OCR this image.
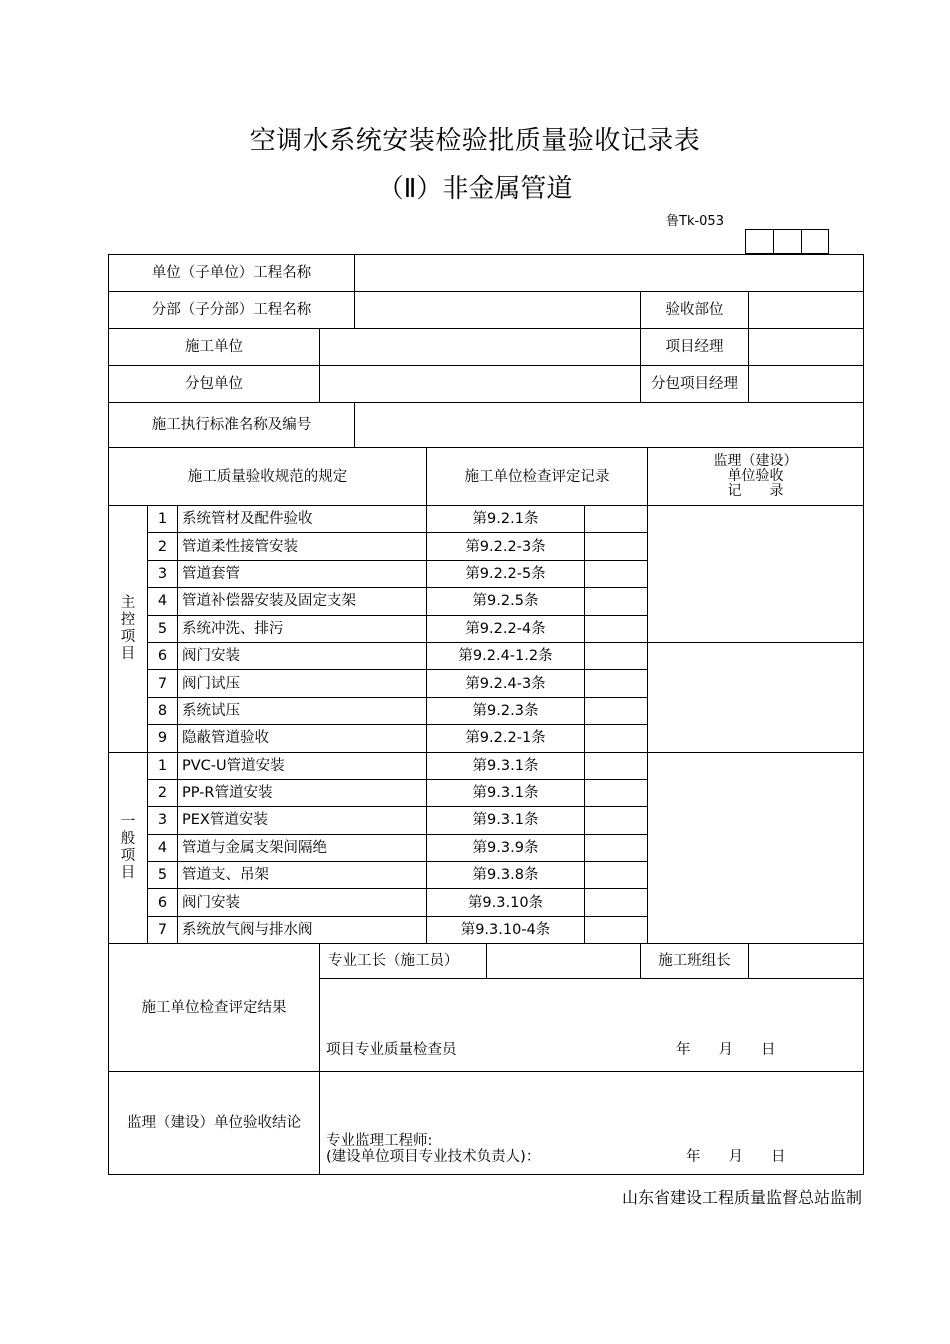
空调水系统安装检验批质量验收记录表
（Ⅱ）非金属管道
鲁Tk-053
单位（子单位）工程名称										
分部（子分部）工程名称								验收部位		
施工单位								项目经理		
分包单位								分包项目经理		
施工执行标准名称及编号										
施工质量验收规范的规定					施工单位检查评定记录				监理（建设）
单位验收
记　　录	

主
控
项
目	1	系统管材及配件验收			第9.2.1条					
	2	管道柔性接管安装			第9.2.2-3条					
	3	管道套管			第9.2.2-5条					
	4	管道补偿器安装及固定支架			第9.2.5条					
	5	系统冲洗、排污			第9.2.2-4条					
	6	阀门安装			第9.2.4-1.2条					
	7	阀门试压			第9.2.4-3条					
	8	系统试压			第9.2.3条					
	9	隐蔽管道验收			第9.2.2-1条					

一
般
项
目	1	PVC-U管道安装			第9.3.1条					
	2	PP-R管道安装			第9.3.1条					
	3	PEX管道安装			第9.3.1条					
	4	管道与金属支架间隔绝			第9.3.9条					
	5	管道支、吊架			第9.3.8条					
	6	阀门安装			第9.3.10条					
	7	系统放气阀与排水阀			第9.3.10-4条					
施工单位检查评定结果			专业工长（施工员）					施工班组长		

			项目专业质量检查员 年 月 日							

监理（建设）单位验收结论			专业监理工程师:
(建设单位项目专业技术负责人)： 年 月 日							
山东省建设工程质量监督总站监制
